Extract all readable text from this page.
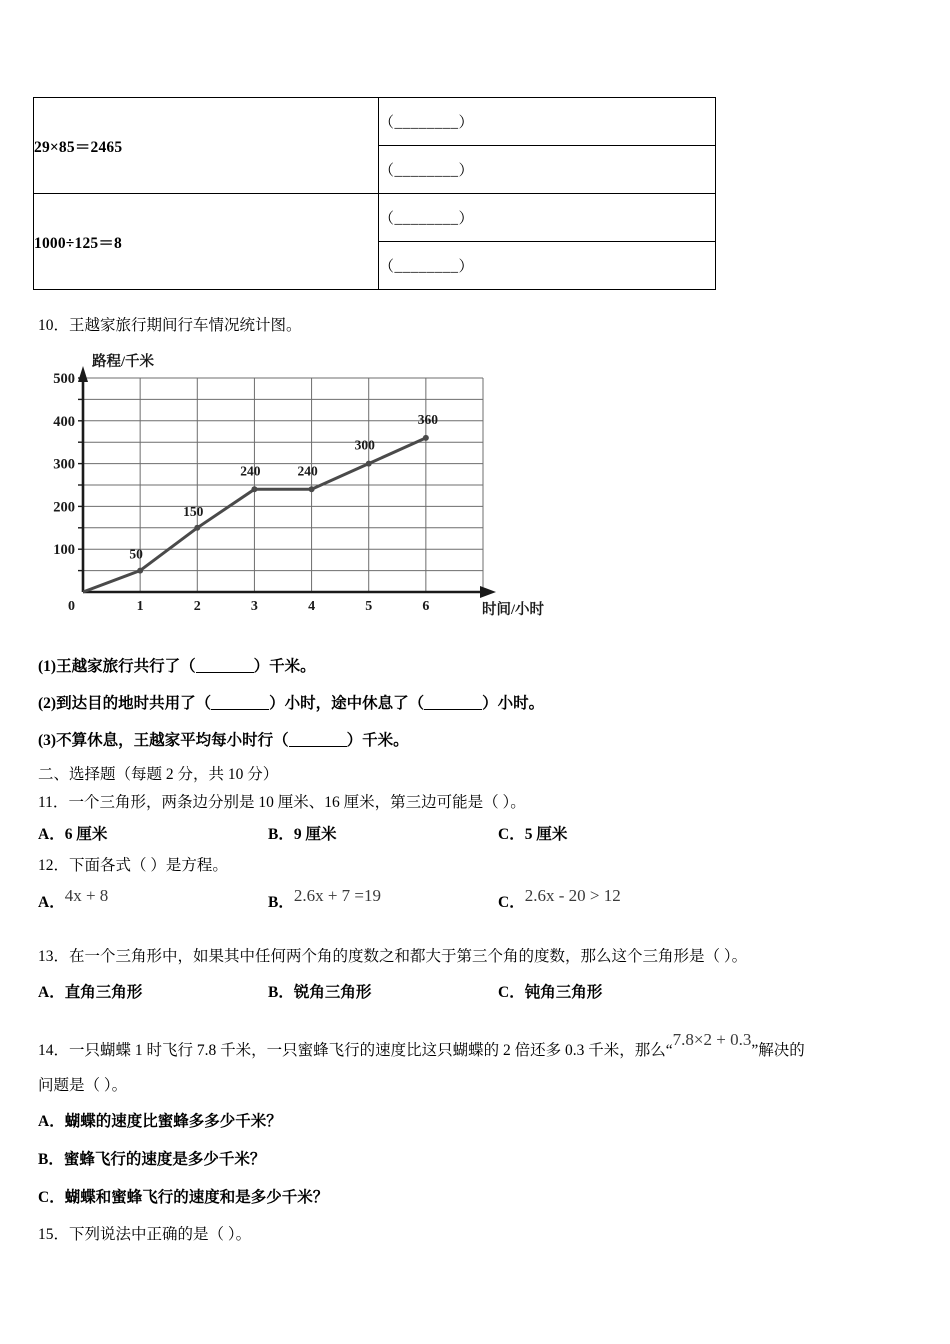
29×85＝2465	（________）
	（________）
1000÷125＝8	（________）
	（________）
10．王越家旅行期间行车情况统计图。
路程/千米
时间/小时
0
100
200
300
400
500
1	2	3	4	5	6
50
150
240	240
300
360
(1)王越家旅行共行了（	）千米。
(2)到达目的地时共用了（	）小时，途中休息了（	）小时。
(3)不算休息，王越家平均每小时行（	）千米。
二、选择题（每题 2 分，共 10 分）
11．一个三角形，两条边分别是 10 厘米、16 厘米，第三边可能是（ ）。
A．6 厘米	B．9 厘米	C．5 厘米
12．下面各式（ ）是方程。
A．4x + 8	B．2.6x + 7 =19	C．2.6x - 20 > 12
13．在一个三角形中，如果其中任何两个角的度数之和都大于第三个角的度数，那么这个三角形是（ ）。
A．直角三角形	B．锐角三角形	C．钝角三角形
14．一只蝴蝶 1 时飞行 7.8 千米，一只蜜蜂飞行的速度比这只蝴蝶的 2 倍还多 0.3 千米，那么“7.8×2 + 0.3”解决的
问题是（ ）。
A．蝴蝶的速度比蜜蜂多多少千米？
B．蜜蜂飞行的速度是多少千米？
C．蝴蝶和蜜蜂飞行的速度和是多少千米？
15．下列说法中正确的是（ ）。
